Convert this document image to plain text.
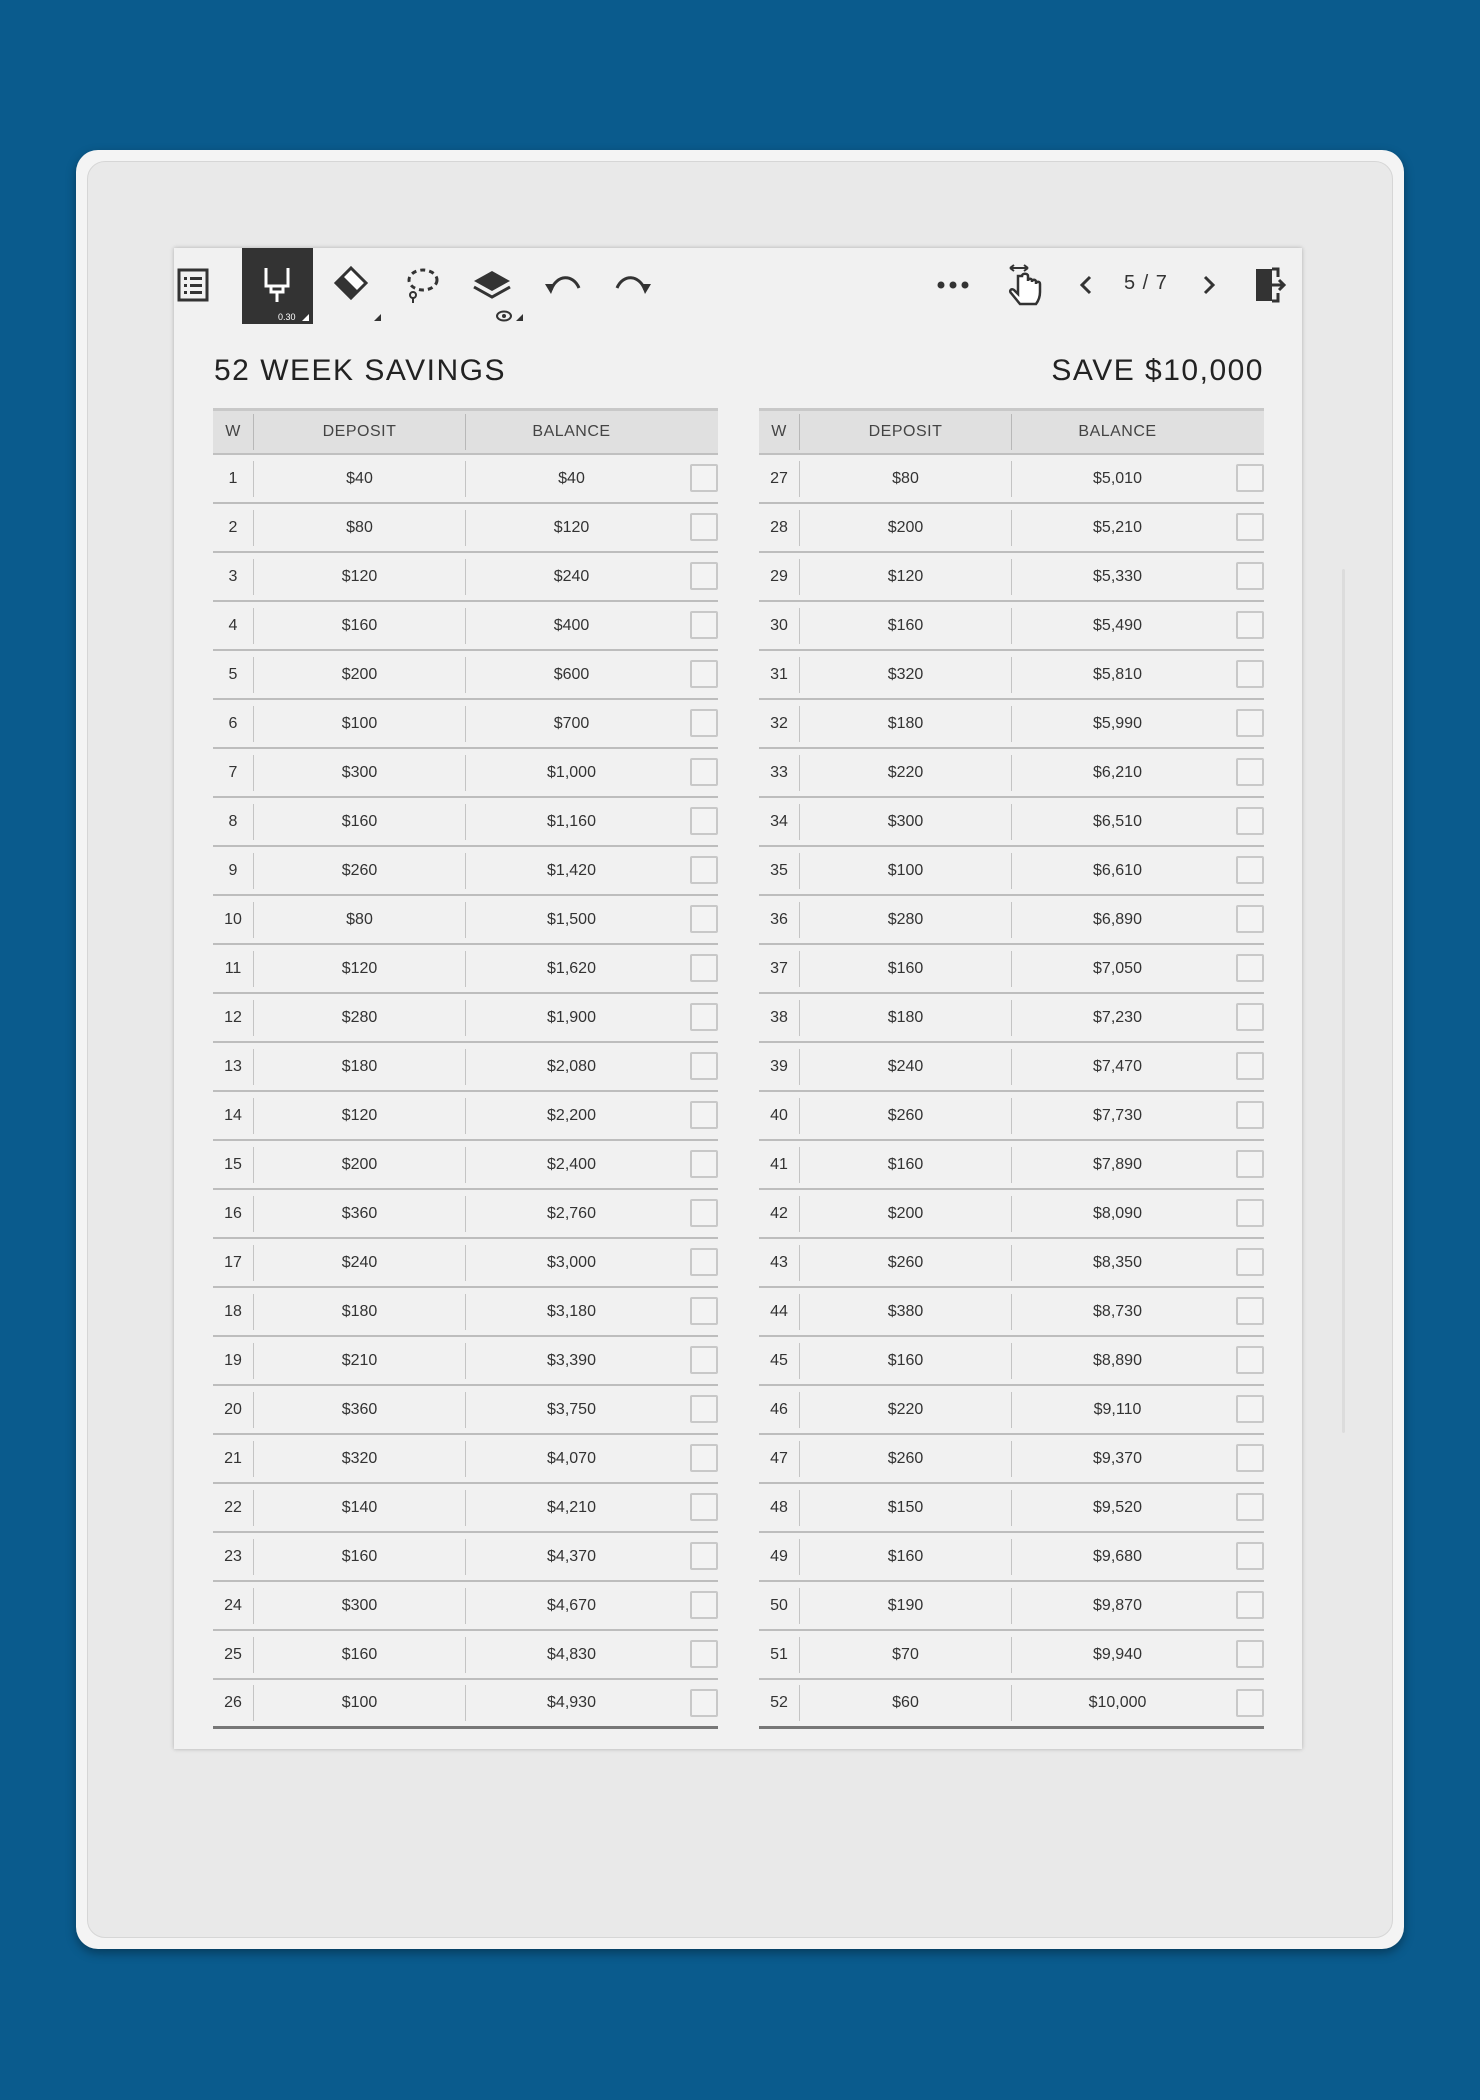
0.30
5 / 7
52 WEEK SAVINGS	SAVE $10,000
W	DEPOSIT	BALANCE
1	$40	$40
2	$80	$120
3	$120	$240
4	$160	$400
5	$200	$600
6	$100	$700
7	$300	$1,000
8	$160	$1,160
9	$260	$1,420
10	$80	$1,500
11	$120	$1,620
12	$280	$1,900
13	$180	$2,080
14	$120	$2,200
15	$200	$2,400
16	$360	$2,760
17	$240	$3,000
18	$180	$3,180
19	$210	$3,390
20	$360	$3,750
21	$320	$4,070
22	$140	$4,210
23	$160	$4,370
24	$300	$4,670
25	$160	$4,830
26	$100	$4,930
W	DEPOSIT	BALANCE
27	$80	$5,010
28	$200	$5,210
29	$120	$5,330
30	$160	$5,490
31	$320	$5,810
32	$180	$5,990
33	$220	$6,210
34	$300	$6,510
35	$100	$6,610
36	$280	$6,890
37	$160	$7,050
38	$180	$7,230
39	$240	$7,470
40	$260	$7,730
41	$160	$7,890
42	$200	$8,090
43	$260	$8,350
44	$380	$8,730
45	$160	$8,890
46	$220	$9,110
47	$260	$9,370
48	$150	$9,520
49	$160	$9,680
50	$190	$9,870
51	$70	$9,940
52	$60	$10,000
